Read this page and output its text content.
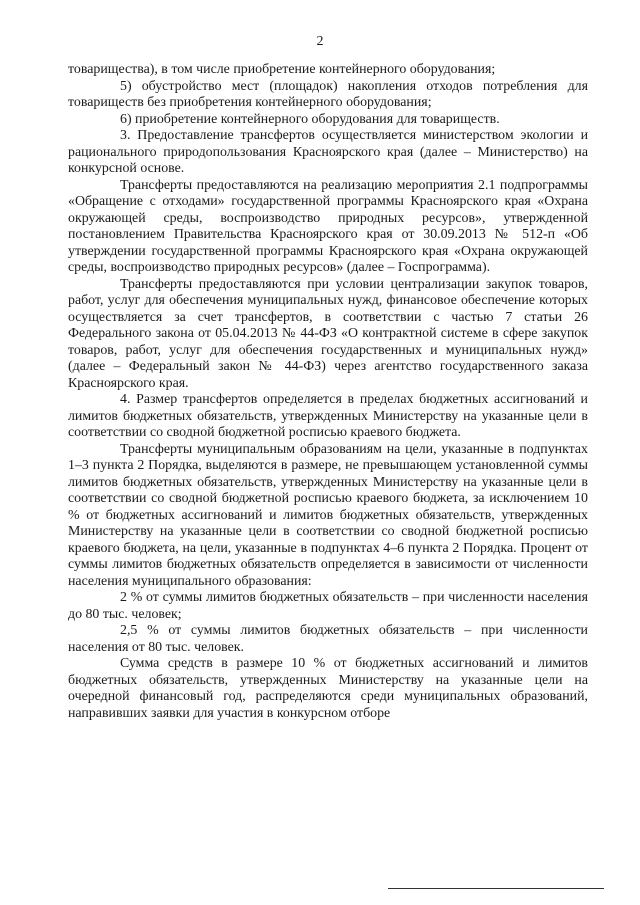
2

товарищества), в том числе приобретение контейнерного оборудования;

5) обустройство мест (площадок) накопления отходов потребления для товариществ без приобретения контейнерного оборудования;

6) приобретение контейнерного оборудования для товариществ.

3. Предоставление трансфертов осуществляется министерством экологии и рационального природопользования Красноярского края (далее – Министерство) на конкурсной основе.

Трансферты предоставляются на реализацию мероприятия 2.1 подпрограммы «Обращение с отходами» государственной программы Красноярского края «Охрана окружающей среды, воспроизводство природных ресурсов», утвержденной постановлением Правительства Красноярского края от 30.09.2013 № 512-п «Об утверждении государственной программы Красноярского края «Охрана окружающей среды, воспроизводство природных ресурсов» (далее – Госпрограмма).

Трансферты предоставляются при условии централизации закупок товаров, работ, услуг для обеспечения муниципальных нужд, финансовое обеспечение которых осуществляется за счет трансфертов, в соответствии с частью 7 статьи 26 Федерального закона от 05.04.2013 № 44-ФЗ «О контрактной системе в сфере закупок товаров, работ, услуг для обеспечения государственных и муниципальных нужд» (далее – Федеральный закон № 44-ФЗ) через агентство государственного заказа Красноярского края.

4. Размер трансфертов определяется в пределах бюджетных ассигнований и лимитов бюджетных обязательств, утвержденных Министерству на указанные цели в соответствии со сводной бюджетной росписью краевого бюджета.

Трансферты муниципальным образованиям на цели, указанные в подпунктах 1–3 пункта 2 Порядка, выделяются в размере, не превышающем установленной суммы лимитов бюджетных обязательств, утвержденных Министерству на указанные цели в соответствии со сводной бюджетной росписью краевого бюджета, за исключением 10 % от бюджетных ассигнований и лимитов бюджетных обязательств, утвержденных Министерству на указанные цели в соответствии со сводной бюджетной росписью краевого бюджета, на цели, указанные в подпунктах 4–6 пункта 2 Порядка. Процент от суммы лимитов бюджетных обязательств определяется в зависимости от численности населения муниципального образования:

2 % от суммы лимитов бюджетных обязательств – при численности населения до 80 тыс. человек;

2,5 % от суммы лимитов бюджетных обязательств – при численности населения от 80 тыс. человек.

Сумма средств в размере 10 % от бюджетных ассигнований и лимитов бюджетных обязательств, утвержденных Министерству на указанные цели на очередной финансовый год, распределяются среди муниципальных образований, направивших заявки для участия в конкурсном отборе
